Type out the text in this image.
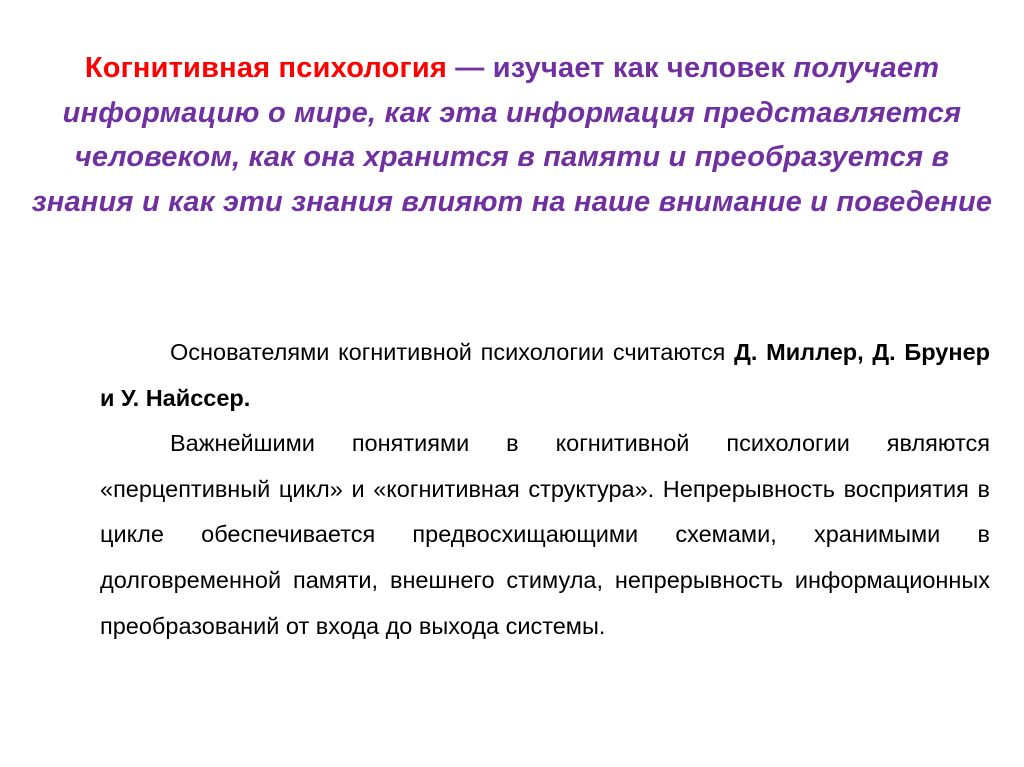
Когнитивная психология — изучает как человек получает информацию о мире, как эта информация представляется человеком, как она хранится в памяти и преобразуется в знания и как эти знания влияют на наше внимание и поведение

Основателями когнитивной психологии считаются Д. Миллер, Д. Брунер и У. Найссер.

Важнейшими понятиями в когнитивной психологии являются «перцептивный цикл» и «когнитивная структура». Непрерывность восприятия в цикле обеспечивается предвосхищающими схемами, хранимыми в долговременной памяти, внешнего стимула, непрерывность информационных преобразований от входа до выхода системы.
